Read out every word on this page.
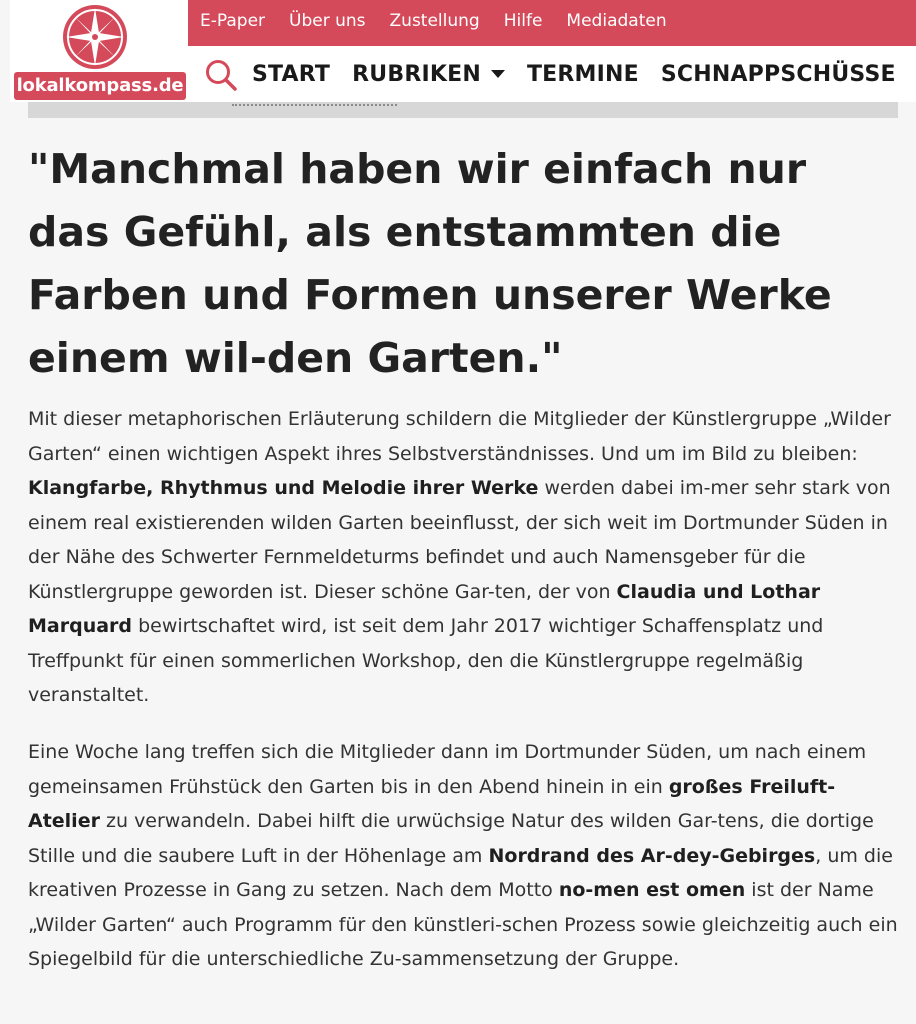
lokalkompass.de
E-Paper	Über uns	Zustellung	Hilfe	Mediadaten
START RUBRIKEN TERMINE SCHNAPPSCHÜSSE
"Manchmal haben wir einfach nur das Gefühl, als entstammten die Farben und Formen unserer Werke einem wil-den Garten."

Mit dieser metaphorischen Erläuterung schildern die Mitglieder der Künstlergruppe „Wilder Garten“ einen wichtigen Aspekt ihres Selbstverständnisses. Und um im Bild zu bleiben: Klangfarbe, Rhythmus und Melodie ihrer Werke werden dabei im-mer sehr stark von einem real existierenden wilden Garten beeinflusst, der sich weit im Dortmunder Süden in der Nähe des Schwerter Fernmeldeturms befindet und auch Namensgeber für die Künstlergruppe geworden ist. Dieser schöne Gar-ten, der von Claudia und Lothar Marquard bewirtschaftet wird, ist seit dem Jahr 2017 wichtiger Schaffensplatz und Treffpunkt für einen sommerlichen Workshop, den die Künstlergruppe regelmäßig veranstaltet.

Eine Woche lang treffen sich die Mitglieder dann im Dortmunder Süden, um nach einem gemeinsamen Frühstück den Garten bis in den Abend hinein in ein großes Freiluft-Atelier zu verwandeln. Dabei hilft die urwüchsige Natur des wilden Gar-tens, die dortige Stille und die saubere Luft in der Höhenlage am Nordrand des Ar-dey-Gebirges, um die kreativen Prozesse in Gang zu setzen. Nach dem Motto no-men est omen ist der Name „Wilder Garten“ auch Programm für den künstleri-schen Prozess sowie gleichzeitig auch ein Spiegelbild für die unterschiedliche Zu-sammensetzung der Gruppe.
